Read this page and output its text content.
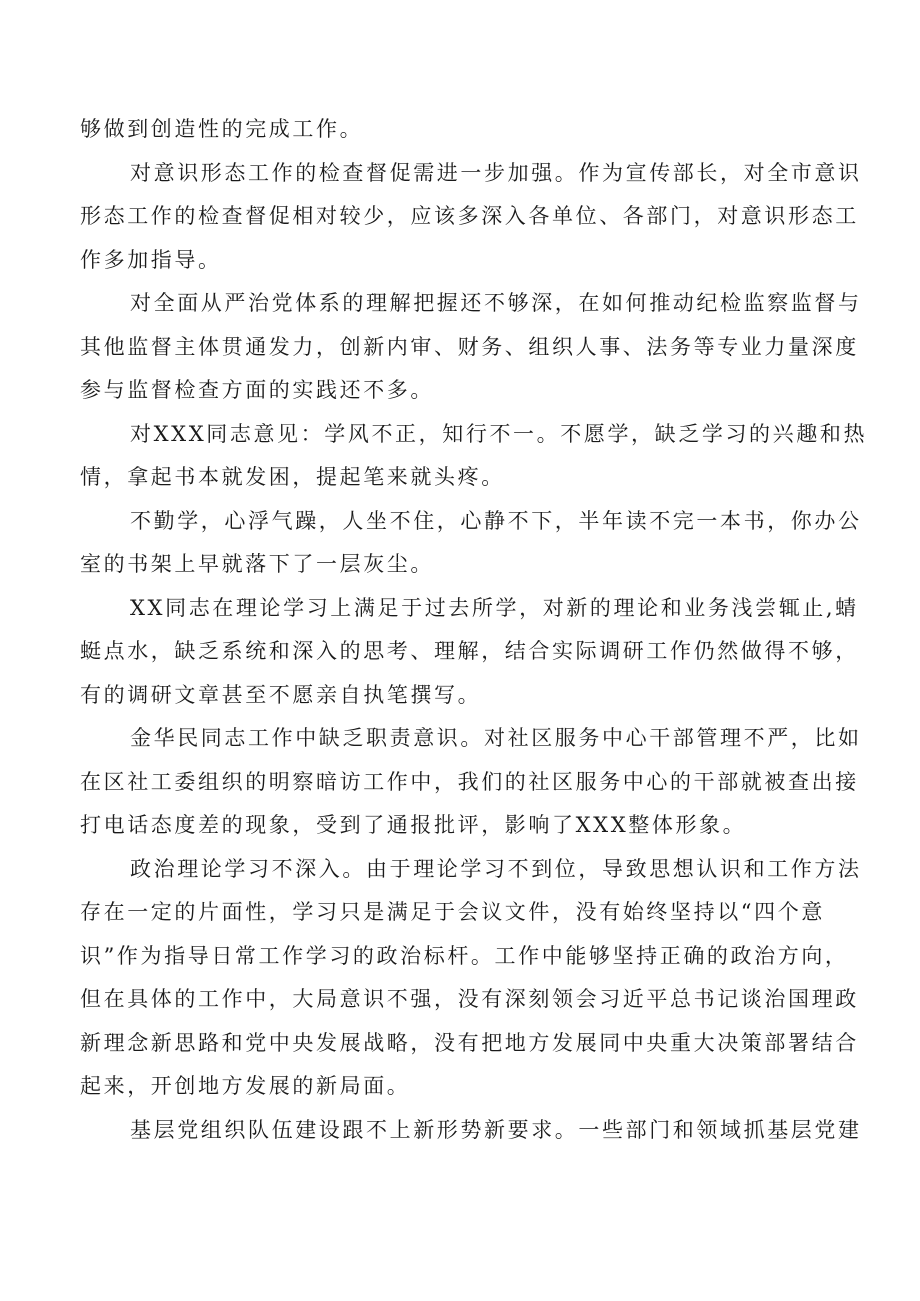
够做到创造性的完成工作。
对意识形态工作的检查督促需进一步加强。作为宣传部长，对全市意识
形态工作的检查督促相对较少，应该多深入各单位、各部门，对意识形态工
作多加指导。
对全面从严治党体系的理解把握还不够深，在如何推动纪检监察监督与
其他监督主体贯通发力，创新内审、财务、组织人事、法务等专业力量深度
参与监督检查方面的实践还不多。
对XXX同志意见：学风不正，知行不一。不愿学，缺乏学习的兴趣和热
情，拿起书本就发困，提起笔来就头疼。
不勤学，心浮气躁，人坐不住，心静不下，半年读不完一本书，你办公
室的书架上早就落下了一层灰尘。
XX同志在理论学习上满足于过去所学，对新的理论和业务浅尝辄止,蜻
蜓点水，缺乏系统和深入的思考、理解，结合实际调研工作仍然做得不够，
有的调研文章甚至不愿亲自执笔撰写。
金华民同志工作中缺乏职责意识。对社区服务中心干部管理不严，比如
在区社工委组织的明察暗访工作中，我们的社区服务中心的干部就被查出接
打电话态度差的现象，受到了通报批评，影响了XXX整体形象。
政治理论学习不深入。由于理论学习不到位，导致思想认识和工作方法
存在一定的片面性，学习只是满足于会议文件，没有始终坚持以“四个意
识”作为指导日常工作学习的政治标杆。工作中能够坚持正确的政治方向，
但在具体的工作中，大局意识不强，没有深刻领会习近平总书记谈治国理政
新理念新思路和党中央发展战略，没有把地方发展同中央重大决策部署结合
起来，开创地方发展的新局面。
基层党组织队伍建设跟不上新形势新要求。一些部门和领域抓基层党建
